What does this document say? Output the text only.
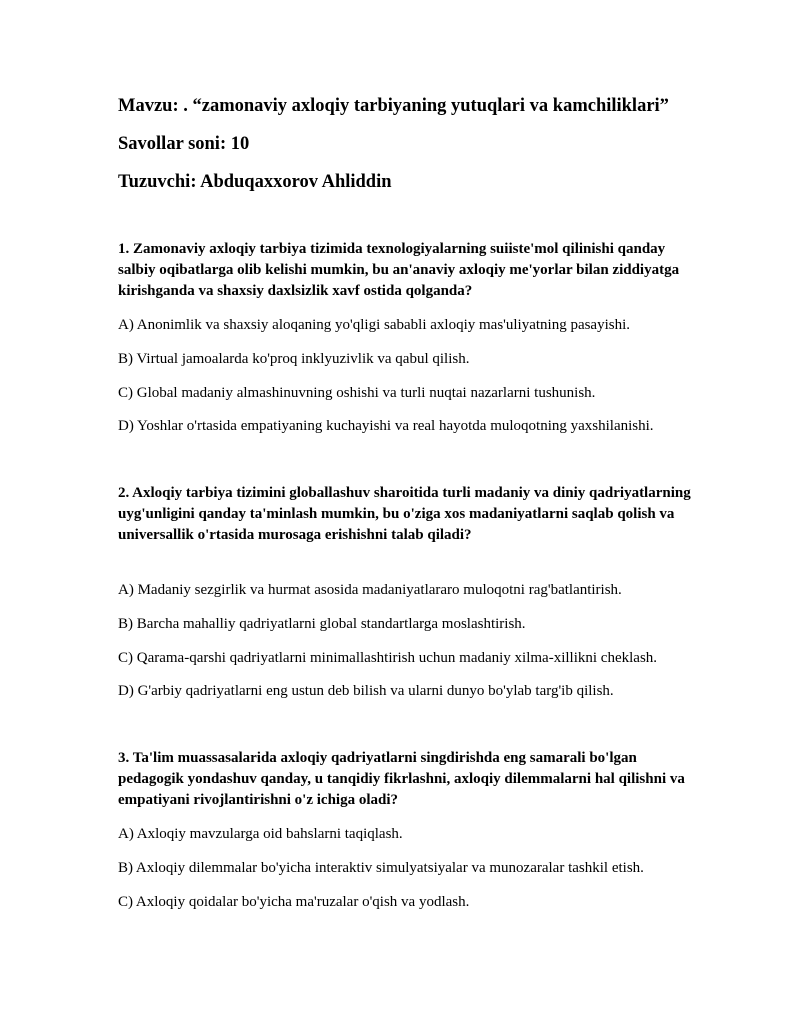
Mavzu: . “zamonaviy axloqiy tarbiyaning yutuqlari va kamchiliklari”
Savollar soni: 10
Tuzuvchi: Abduqaxxorov Ahliddin

1. Zamonaviy axloqiy tarbiya tizimida texnologiyalarning suiiste'mol qilinishi qanday salbiy oqibatlarga olib kelishi mumkin, bu an'anaviy axloqiy me'yorlar bilan ziddiyatga kirishganda va shaxsiy daxlsizlik xavf ostida qolganda?

A) Anonimlik va shaxsiy aloqaning yo'qligi sababli axloqiy mas'uliyatning pasayishi.

B) Virtual jamoalarda ko'proq inklyuzivlik va qabul qilish.

C) Global madaniy almashinuvning oshishi va turli nuqtai nazarlarni tushunish.

D) Yoshlar o'rtasida empatiyaning kuchayishi va real hayotda muloqotning yaxshilanishi.

2. Axloqiy tarbiya tizimini globallashuv sharoitida turli madaniy va diniy qadriyatlarning uyg'unligini qanday ta'minlash mumkin, bu o'ziga xos madaniyatlarni saqlab qolish va universallik o'rtasida murosaga erishishni talab qiladi?

A) Madaniy sezgirlik va hurmat asosida madaniyatlararo muloqotni rag'batlantirish.

B) Barcha mahalliy qadriyatlarni global standartlarga moslashtirish.

C) Qarama-qarshi qadriyatlarni minimallashtirish uchun madaniy xilma-xillikni cheklash.

D) G'arbiy qadriyatlarni eng ustun deb bilish va ularni dunyo bo'ylab targ'ib qilish.

3. Ta'lim muassasalarida axloqiy qadriyatlarni singdirishda eng samarali bo'lgan pedagogik yondashuv qanday, u tanqidiy fikrlashni, axloqiy dilemmalarni hal qilishni va empatiyani rivojlantirishni o'z ichiga oladi?

A) Axloqiy mavzularga oid bahslarni taqiqlash.

B) Axloqiy dilemmalar bo'yicha interaktiv simulyatsiyalar va munozaralar tashkil etish.

C) Axloqiy qoidalar bo'yicha ma'ruzalar o'qish va yodlash.
